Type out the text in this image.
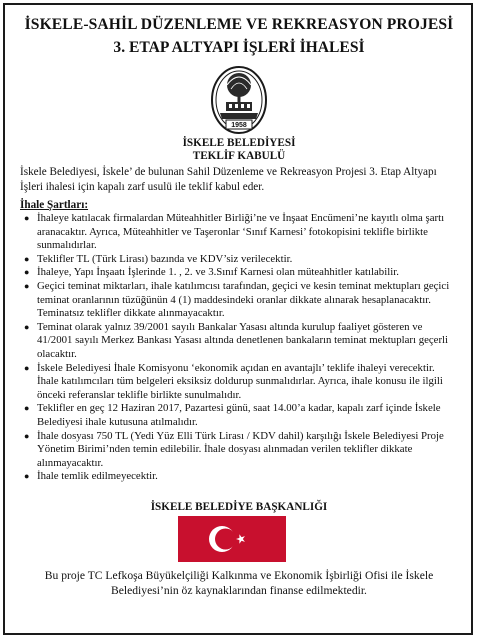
İSKELE-SAHİL DÜZENLEME VE REKREASYON PROJESİ
3. ETAP ALTYAPI İŞLERİ İHALESİ
1958
İSKELE BELEDİYESİ
TEKLİF KABULÜ
İskele Belediyesi, İskele’ de bulunan Sahil Düzenleme ve Rekreasyon Projesi 3. Etap Altyapı İşleri ihalesi için kapalı zarf usulü ile teklif kabul eder.
İhale Şartları:
● İhaleye katılacak firmalardan Müteahhitler Birliği’ne ve İnşaat Encümeni’ne kayıtlı olma şartı aranacaktır. Ayrıca, Müteahhitler ve Taşeronlar ‘Sınıf Karnesi’ fotokopisini teklifle birlikte sunmalıdırlar.
● Teklifler TL (Türk Lirası) bazında ve KDV’siz verilecektir.
● İhaleye, Yapı İnşaatı İşlerinde 1. , 2. ve 3.Sınıf Karnesi olan müteahhitler katılabilir.
● Geçici teminat miktarları, ihale katılımcısı tarafından, geçici ve kesin teminat mektupları geçici teminat oranlarının tüzüğünün 4 (1) maddesindeki oranlar dikkate alınarak hesaplanacaktır. Teminatsız teklifler dikkate alınmayacaktır.
● Teminat olarak yalnız 39/2001 sayılı Bankalar Yasası altında kurulup faaliyet gösteren ve 41/2001 sayılı Merkez Bankası Yasası altında denetlenen bankaların teminat mektupları geçerli olacaktır.
● İskele Belediyesi İhale Komisyonu ‘ekonomik açıdan en avantajlı’ teklife ihaleyi verecektir. İhale katılımcıları tüm belgeleri eksiksiz doldurup sunmalıdırlar. Ayrıca, ihale konusu ile ilgili önceki referanslar teklifle birlikte sunulmalıdır.
● Teklifler en geç 12 Haziran 2017, Pazartesi günü, saat 14.00’a kadar, kapalı zarf içinde İskele Belediyesi ihale kutusuna atılmalıdır.
● İhale dosyası 750 TL (Yedi Yüz Elli Türk Lirası / KDV dahil) karşılığı İskele Belediyesi Proje Yönetim Birimi’nden temin edilebilir. İhale dosyası alınmadan verilen teklifler dikkate alınmayacaktır.
● İhale temlik edilmeyecektir.
İSKELE BELEDİYE BAŞKANLIĞI
Bu proje TC Lefkoşa Büyükelçiliği Kalkınma ve Ekonomik İşbirliği Ofisi ile İskele Belediyesi’nin öz kaynaklarından finanse edilmektedir.
